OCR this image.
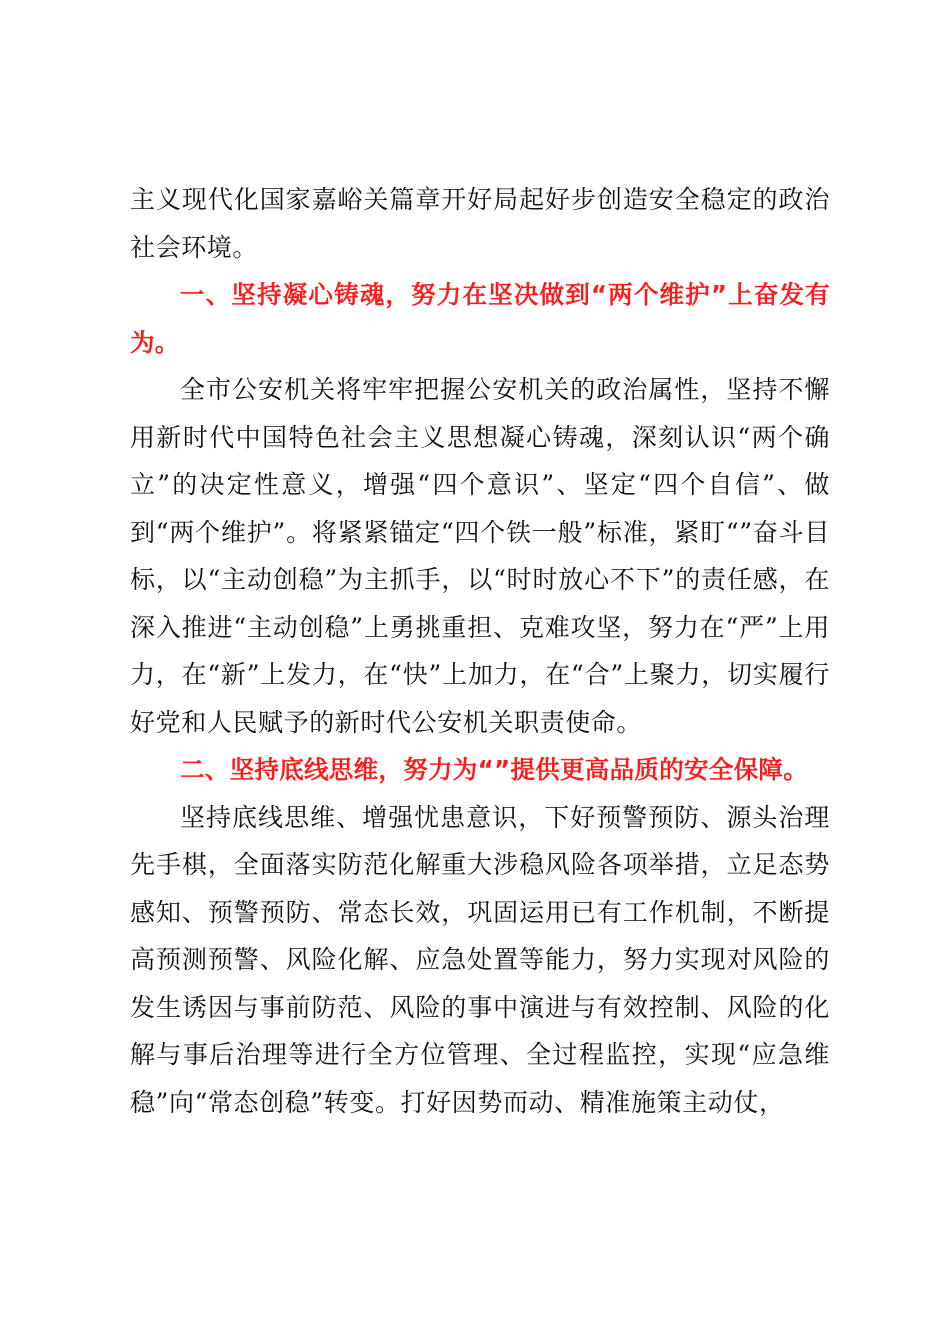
主义现代化国家嘉峪关篇章开好局起好步创造安全稳定的政治社会环境。

一、坚持凝心铸魂，努力在坚决做到“两个维护”上奋发有为。

全市公安机关将牢牢把握公安机关的政治属性，坚持不懈用新时代中国特色社会主义思想凝心铸魂，深刻认识“两个确立”的决定性意义，增强“四个意识”、坚定“四个自信”、做到“两个维护”。将紧紧锚定“四个铁一般”标准，紧盯“”奋斗目标，以“主动创稳”为主抓手，以“时时放心不下”的责任感，在深入推进“主动创稳”上勇挑重担、克难攻坚，努力在“严”上用力，在“新”上发力，在“快”上加力，在“合”上聚力，切实履行好党和人民赋予的新时代公安机关职责使命。

二、坚持底线思维，努力为“”提供更高品质的安全保障。

坚持底线思维、增强忧患意识，下好预警预防、源头治理先手棋，全面落实防范化解重大涉稳风险各项举措，立足态势感知、预警预防、常态长效，巩固运用已有工作机制，不断提高预测预警、风险化解、应急处置等能力，努力实现对风险的发生诱因与事前防范、风险的事中演进与有效控制、风险的化解与事后治理等进行全方位管理、全过程监控，实现“应急维稳”向“常态创稳”转变。打好因势而动、精准施策主动仗，
